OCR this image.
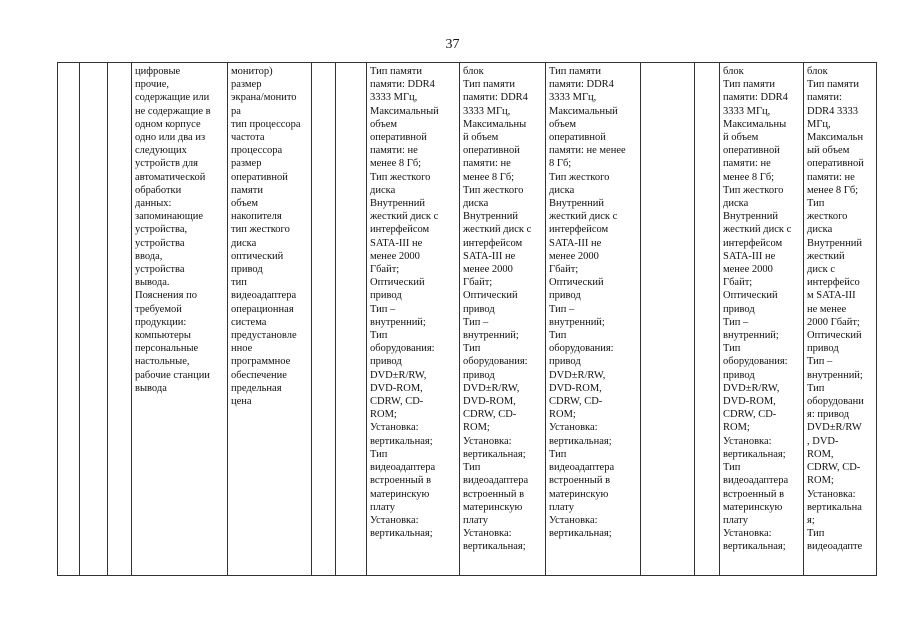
37
цифровые
прочие,
содержащие или
не содержащие в
одном корпусе
одно или два из
следующих
устройств для
автоматической
обработки
данных:
запоминающие
устройства,
устройства
ввода,
устройства
вывода.
Пояснения по
требуемой
продукции:
компьютеры
персональные
настольные,
рабочие станции
вывода
монитор)
размер
экрана/монито
ра
тип процессора
частота
процессора
размер
оперативной
памяти
объем
накопителя
тип жесткого
диска
оптический
привод
тип
видеоадаптера
операционная
система
предустановле
нное
программное
обеспечение
предельная
цена
Тип памяти
памяти: DDR4
3333 МГц,
Максимальный
объем
оперативной
памяти: не
менее 8 Гб;
Тип жесткого
диска
Внутренний
жесткий диск с
интерфейсом
SATA-III не
менее 2000
Гбайт;
Оптический
привод
Тип –
внутренний;
Тип
оборудования:
привод
DVD±R/RW,
DVD-ROM,
CDRW, CD-
ROM;
Установка:
вертикальная;
Тип
видеоадаптера
встроенный в
материнскую
плату
Установка:
вертикальная;
блок
Тип памяти
памяти: DDR4
3333 МГц,
Максимальны
й объем
оперативной
памяти: не
менее 8 Гб;
Тип жесткого
диска
Внутренний
жесткий диск с
интерфейсом
SATA-III не
менее 2000
Гбайт;
Оптический
привод
Тип –
внутренний;
Тип
оборудования:
привод
DVD±R/RW,
DVD-ROM,
CDRW, CD-
ROM;
Установка:
вертикальная;
Тип
видеоадаптера
встроенный в
материнскую
плату
Установка:
вертикальная;
Тип памяти
памяти: DDR4
3333 МГц,
Максимальный
объем
оперативной
памяти: не менее
8 Гб;
Тип жесткого
диска
Внутренний
жесткий диск с
интерфейсом
SATA-III не
менее 2000
Гбайт;
Оптический
привод
Тип –
внутренний;
Тип
оборудования:
привод
DVD±R/RW,
DVD-ROM,
CDRW, CD-
ROM;
Установка:
вертикальная;
Тип
видеоадаптера
встроенный в
материнскую
плату
Установка:
вертикальная;
блок
Тип памяти
памяти: DDR4
3333 МГц,
Максимальны
й объем
оперативной
памяти: не
менее 8 Гб;
Тип жесткого
диска
Внутренний
жесткий диск с
интерфейсом
SATA-III не
менее 2000
Гбайт;
Оптический
привод
Тип –
внутренний;
Тип
оборудования:
привод
DVD±R/RW,
DVD-ROM,
CDRW, CD-
ROM;
Установка:
вертикальная;
Тип
видеоадаптера
встроенный в
материнскую
плату
Установка:
вертикальная;
блок
Тип памяти
памяти:
DDR4 3333
МГц,
Максимальн
ый объем
оперативной
памяти: не
менее 8 Гб;
Тип
жесткого
диска
Внутренний
жесткий
диск с
интерфейсо
м SATA-III
не менее
2000 Гбайт;
Оптический
привод
Тип –
внутренний;
Тип
оборудовани
я: привод
DVD±R/RW
, DVD-
ROM,
CDRW, CD-
ROM;
Установка:
вертикальна
я;
Тип
видеоадапте
